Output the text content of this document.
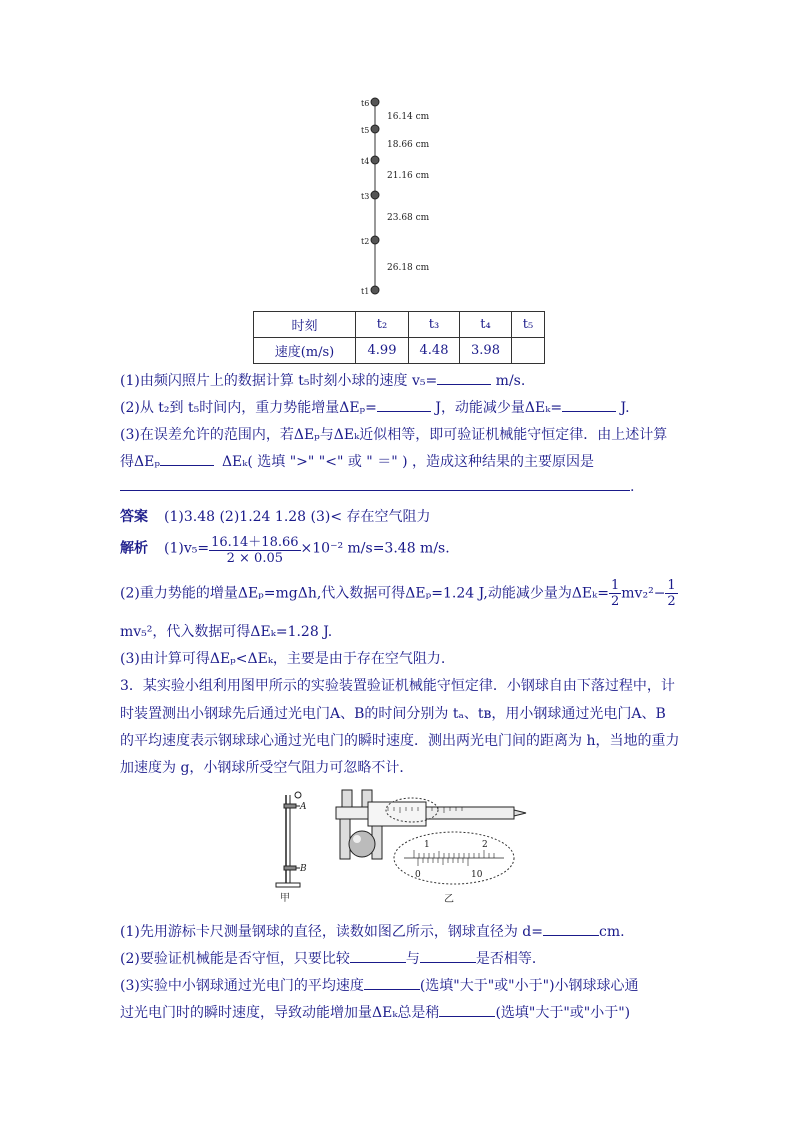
t6
t5
t4
t3
t2
t1
16.14 cm
18.66 cm
21.16 cm
23.68 cm
26.18 cm
时刻	t₂	t₃	t₄	t₅
速度(m/s)	4.99	4.48	3.98	
(1)由频闪照片上的数据计算 t₅时刻小球的速度 v₅=	m/s.
(2)从 t₂到 t₅时间内，重力势能增量ΔEₚ=	J，动能减少量ΔEₖ=	J.
(3)在误差允许的范围内，若ΔEₚ与ΔEₖ近似相等，即可验证机械能守恒定律．由上述计算
得ΔEₚ	ΔEₖ( 选填 ">" "<" 或 " ＝" ) ，造成这种结果的主要原因是
.
答案 (1)3.48 (2)1.24 1.28 (3)< 存在空气阻力
解析 $(1)v_5= \frac{16.14+18.66}{2 \times 0.05} \times 10^{-2}$ m/s=3.48 m/s.
(2)重力势能的增量ΔEₚ=mgΔh,代入数据可得ΔEₚ=1.24 J,动能减少量为$\Delta E_k= \frac{1}{2} mv_2^2- \frac{1}{2}$
mv₅²，代入数据可得ΔEₖ=1.28 J.
(3)由计算可得ΔEₚ<ΔEₖ，主要是由于存在空气阻力.
3．某实验小组利用图甲所示的实验装置验证机械能守恒定律．小钢球自由下落过程中，计
时装置测出小钢球先后通过光电门A、B的时间分别为 tₐ、tʙ，用小钢球通过光电门A、B
的平均速度表示钢球球心通过光电门的瞬时速度．测出两光电门间的距离为 h，当地的重力
加速度为 g，小钢球所受空气阻力可忽略不计．
A
B
甲
1	2
0	10
乙
(1)先用游标卡尺测量钢球的直径，读数如图乙所示，钢球直径为 d=	cm.
(2)要验证机械能是否守恒，只要比较	与	是否相等．
(3)实验中小钢球通过光电门的平均速度	(选填"大于"或"小于")小钢球球心通
过光电门时的瞬时速度，导致动能增加量ΔEₖ总是稍	(选填"大于"或"小于")
